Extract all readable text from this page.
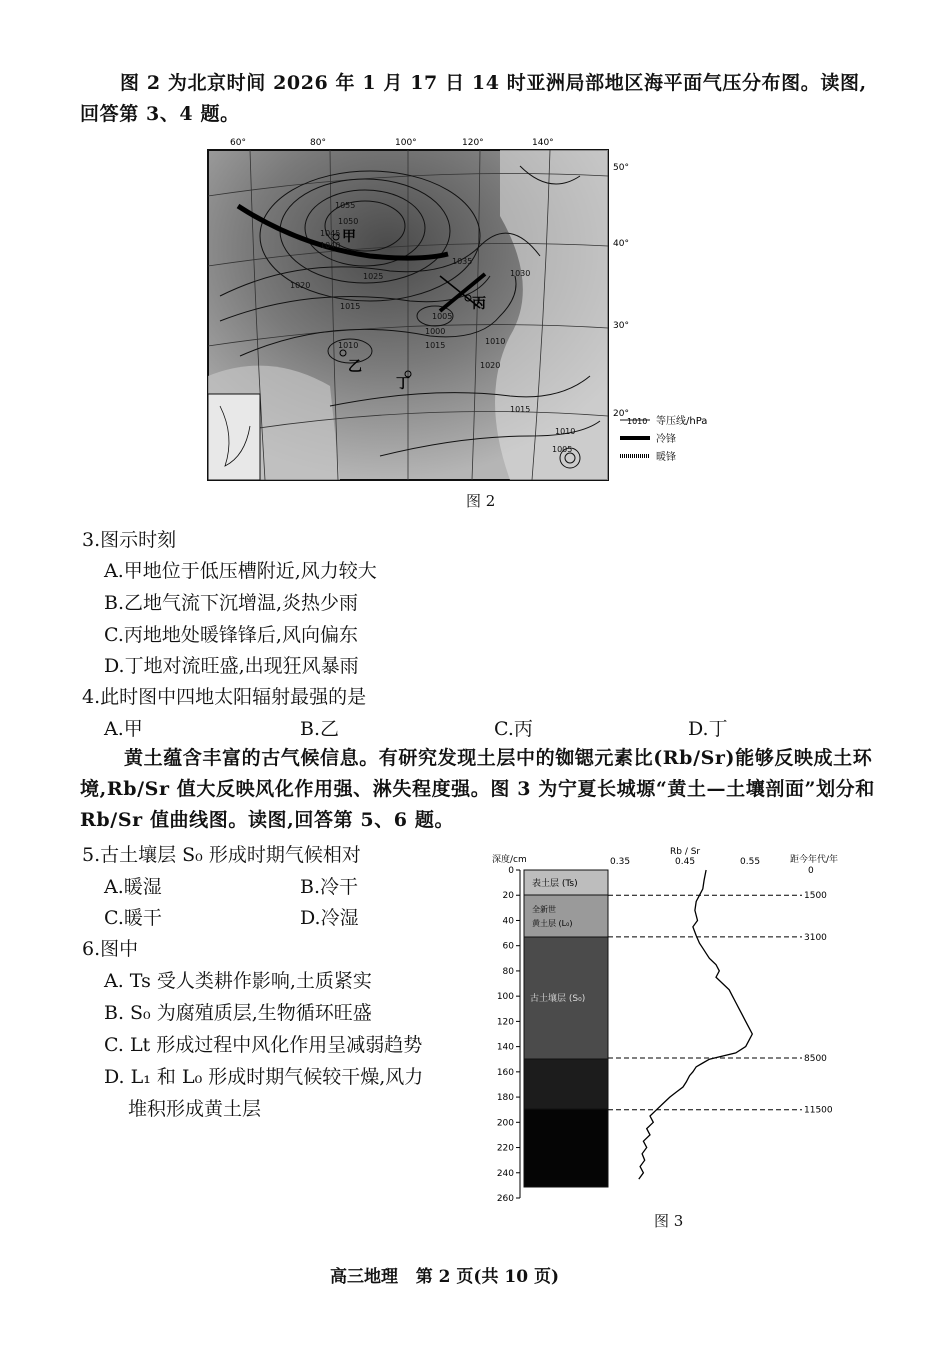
图 2 为北京时间 2026 年 1 月 17 日 14 时亚洲局部地区海平面气压分布图。读图,回答第 3、4 题。
60°	80°	100°	120°	140°
50°
40°
30°
20°
1055
1050
1045
1040
1035
1030
1025
1020
1015
1010
1005
1000
1015	1010
1020
1015
1010
1005
甲
乙
丙
丁
1010 等压线/hPa
冷锋
暖锋
图 2
3.图示时刻
A.甲地位于低压槽附近,风力较大
B.乙地气流下沉增温,炎热少雨
C.丙地地处暖锋锋后,风向偏东
D.丁地对流旺盛,出现狂风暴雨
4.此时图中四地太阳辐射最强的是
A.甲	B.乙	C.丙	D.丁
黄土蕴含丰富的古气候信息。有研究发现土层中的铷锶元素比(Rb/Sr)能够反映成土环境,Rb/Sr 值大反映风化作用强、淋失程度强。图 3 为宁夏长城塬“黄土—土壤剖面”划分和 Rb/Sr 值曲线图。读图,回答第 5、6 题。
5.古土壤层 S₀ 形成时期气候相对
A.暖湿	B.冷干
C.暖干	D.冷湿
6.图中
A. Ts 受人类耕作影响,土质紧实
B. S₀ 为腐殖质层,生物循环旺盛
C. Lt 形成过程中风化作用呈减弱趋势
D. L₁ 和 L₀ 形成时期气候较干燥,风力
堆积形成黄土层
深度/cm
Rb / Sr
距今年代/年
0.35	0.45	0.55
0
20
40
60
80
100
120
140
160
180
200
220
240
260
表土层 (Ts)
全新世
黄土层 (L₀)
古土壤层 (S₀)
0
1500
3100
8500
11500
图 3
高三地理   第 2 页(共 10 页)
